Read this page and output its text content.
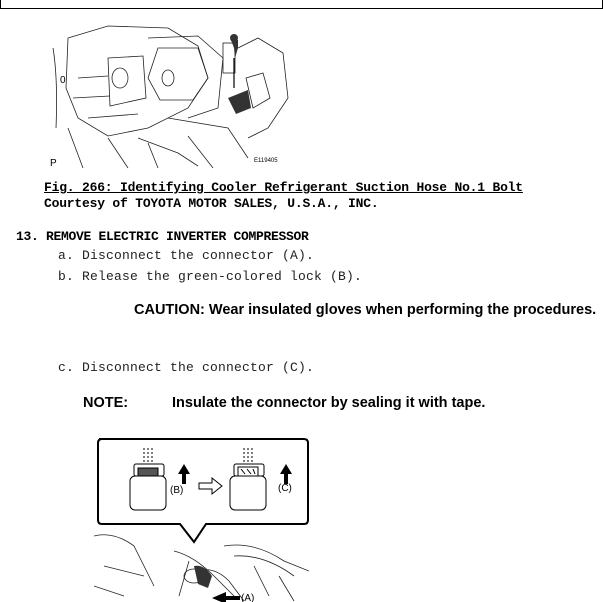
0
P	E119405
Fig. 266: Identifying Cooler Refrigerant Suction Hose No.1 Bolt
Courtesy of TOYOTA MOTOR SALES, U.S.A., INC.
13. REMOVE ELECTRIC INVERTER COMPRESSOR
a. Disconnect the connector (A).
b. Release the green-colored lock (B).
CAUTION: Wear insulated gloves when performing the procedures.
c. Disconnect the connector (C).
NOTE:	Insulate the connector by sealing it with tape.
(B)	(C)
(A)
